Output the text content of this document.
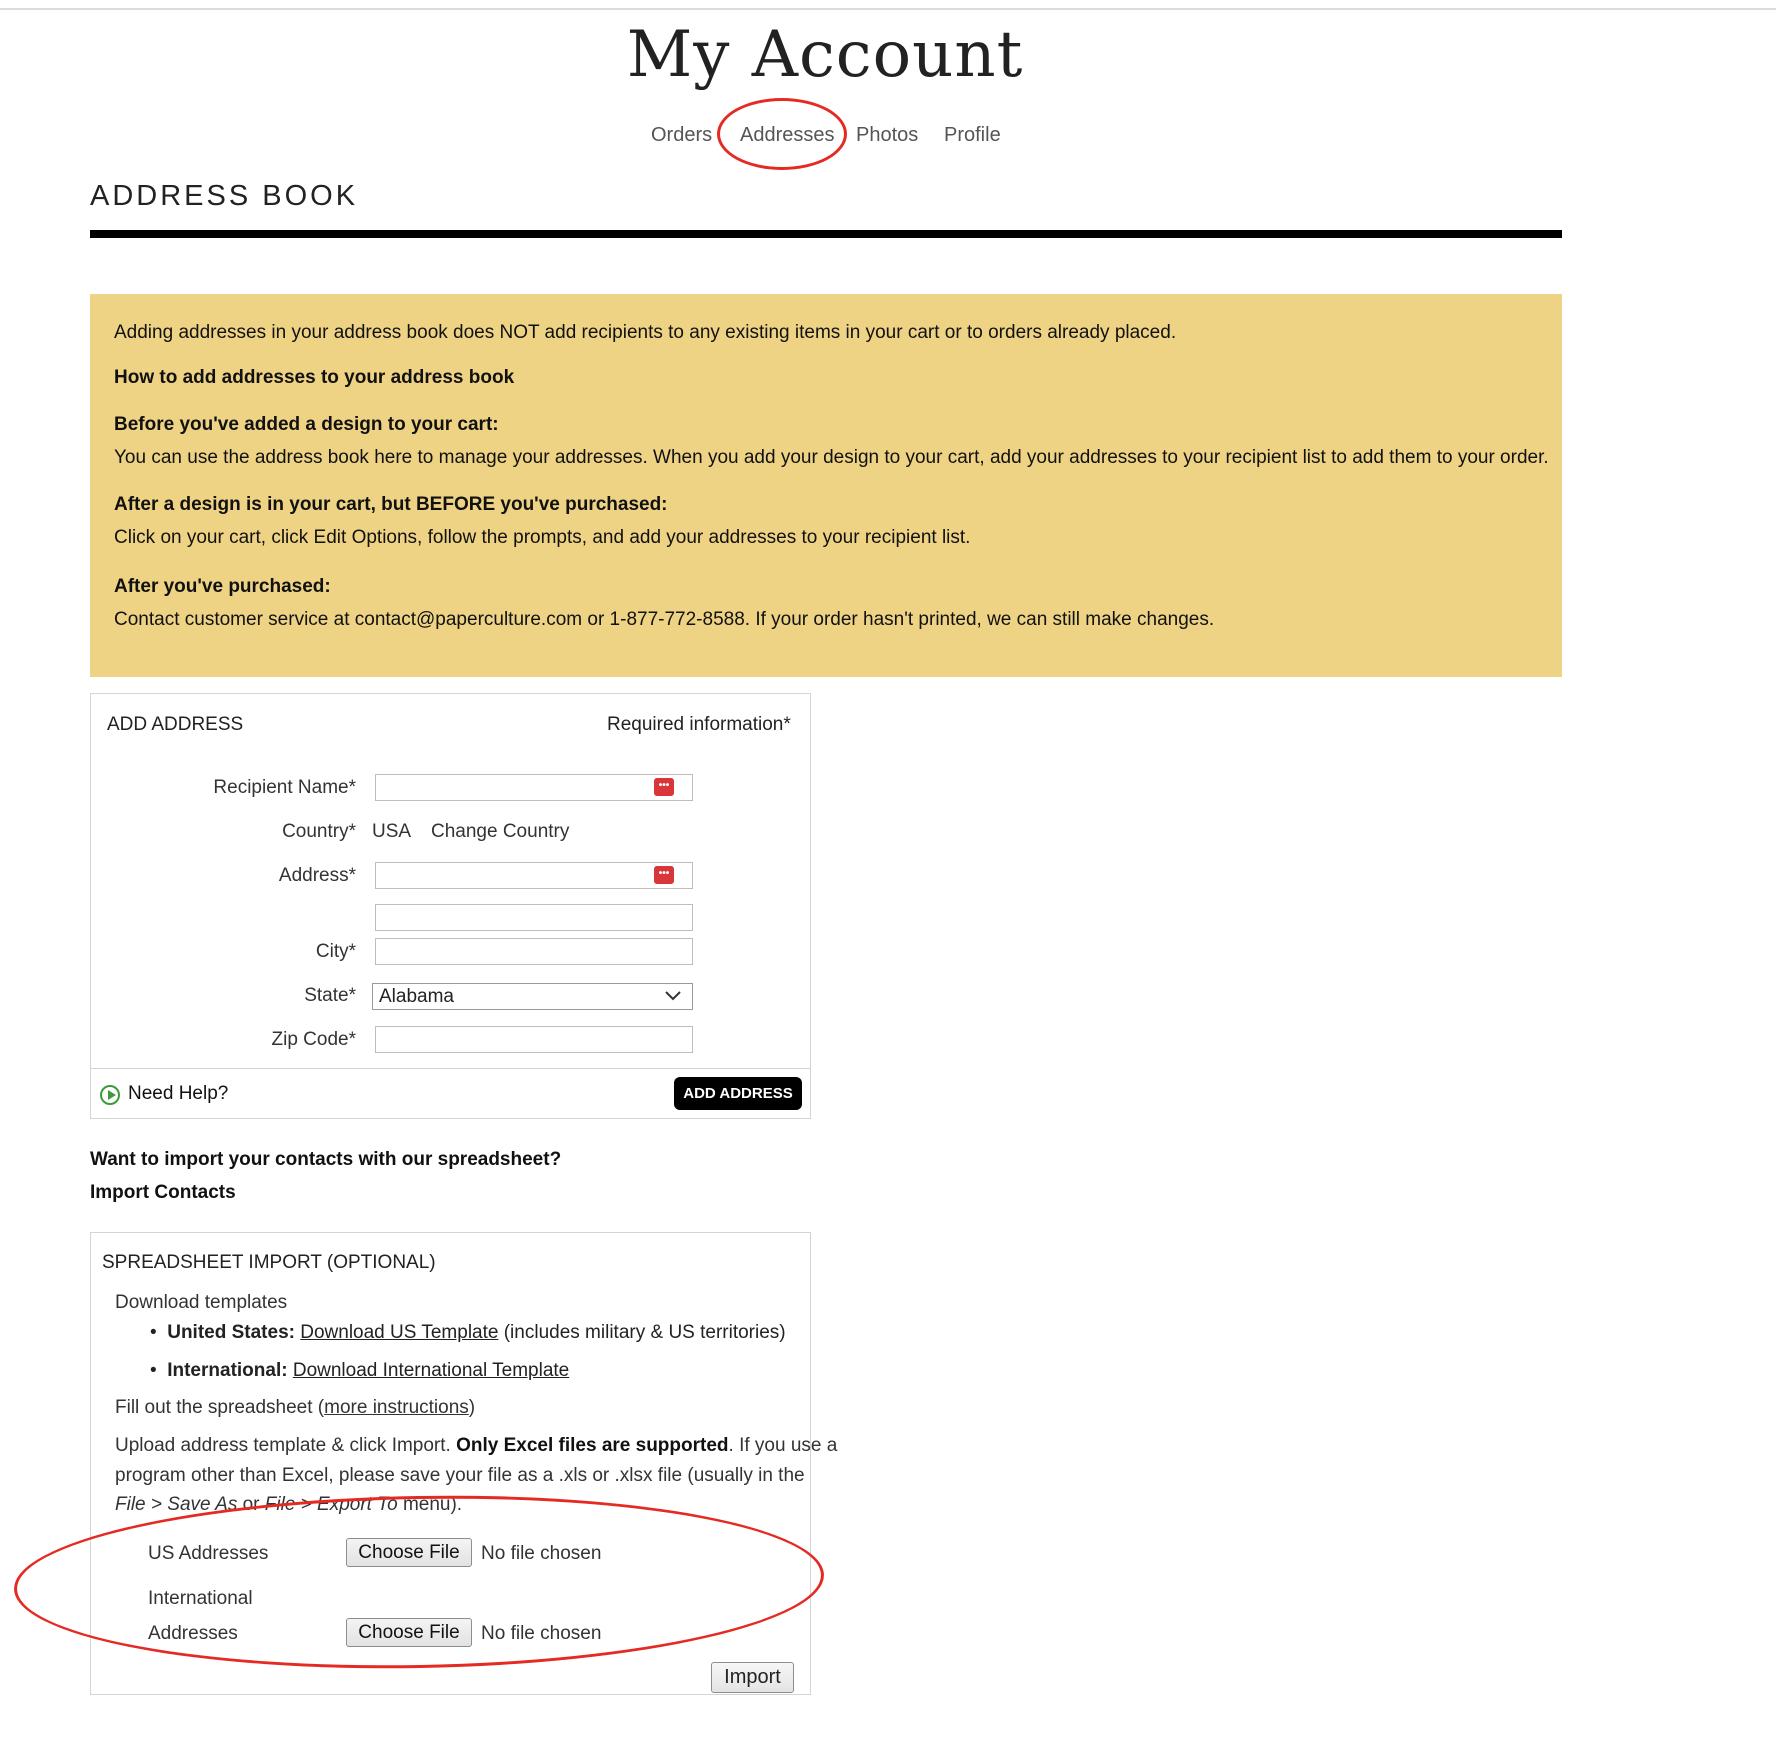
My Account
Orders Addresses Photos Profile
ADDRESS BOOK

Adding addresses in your address book does NOT add recipients to any existing items in your cart or to orders already placed.

How to add addresses to your address book

Before you've added a design to your cart:

You can use the address book here to manage your addresses. When you add your design to your cart, add your addresses to your recipient list to add them to your order.

After a design is in your cart, but BEFORE you've purchased:

Click on your cart, click Edit Options, follow the prompts, and add your addresses to your recipient list.

After you've purchased:

Contact customer service at contact@paperculture.com or 1-877-772-8588. If your order hasn't printed, we can still make changes.

ADD ADDRESS	Required information*
Recipient Name*	•••
Country* USA Change Country
Address*	•••
City*
State*	Alabama
Zip Code*
Need Help?	ADD ADDRESS
Want to import your contacts with our spreadsheet?
Import Contacts
SPREADSHEET IMPORT (OPTIONAL)
Download templates
• United States: Download US Template (includes military & US territories)
• International: Download International Template
Fill out the spreadsheet (more instructions)
Upload address template & click Import. Only Excel files are supported. If you use a
program other than Excel, please save your file as a .xls or .xlsx file (usually in the
File > Save As or File > Export To menu).
US Addresses	Choose File	No file chosen
International
Addresses	Choose File	No file chosen
Import
